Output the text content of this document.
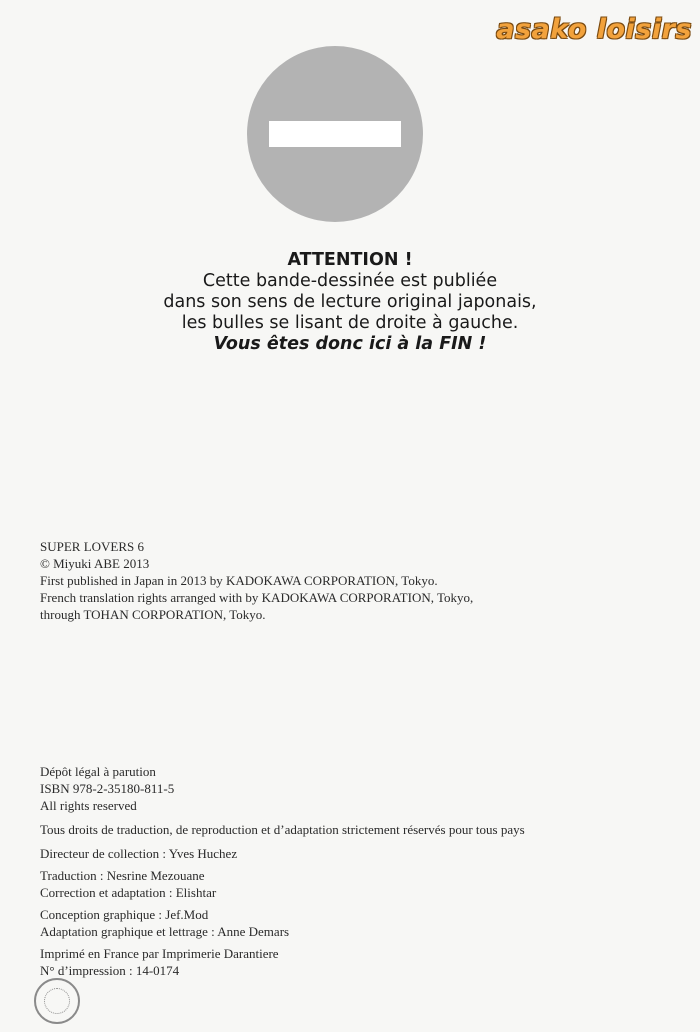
asako loisirs
ATTENTION !
Cette bande-dessinée est publiée
dans son sens de lecture original japonais,
les bulles se lisant de droite à gauche.
Vous êtes donc ici à la FIN !
SUPER LOVERS 6
© Miyuki ABE 2013
First published in Japan in 2013 by KADOKAWA CORPORATION, Tokyo.
French translation rights arranged with by KADOKAWA CORPORATION, Tokyo,
through TOHAN CORPORATION, Tokyo.
Dépôt légal à parution
ISBN 978-2-35180-811-5
All rights reserved
Tous droits de traduction, de reproduction et d’adaptation strictement réservés pour tous pays
Directeur de collection : Yves Huchez
Traduction : Nesrine Mezouane
Correction et adaptation : Elishtar
Conception graphique : Jef.Mod
Adaptation graphique et lettrage : Anne Demars
Imprimé en France par Imprimerie Darantiere
N° d’impression : 14-0174
